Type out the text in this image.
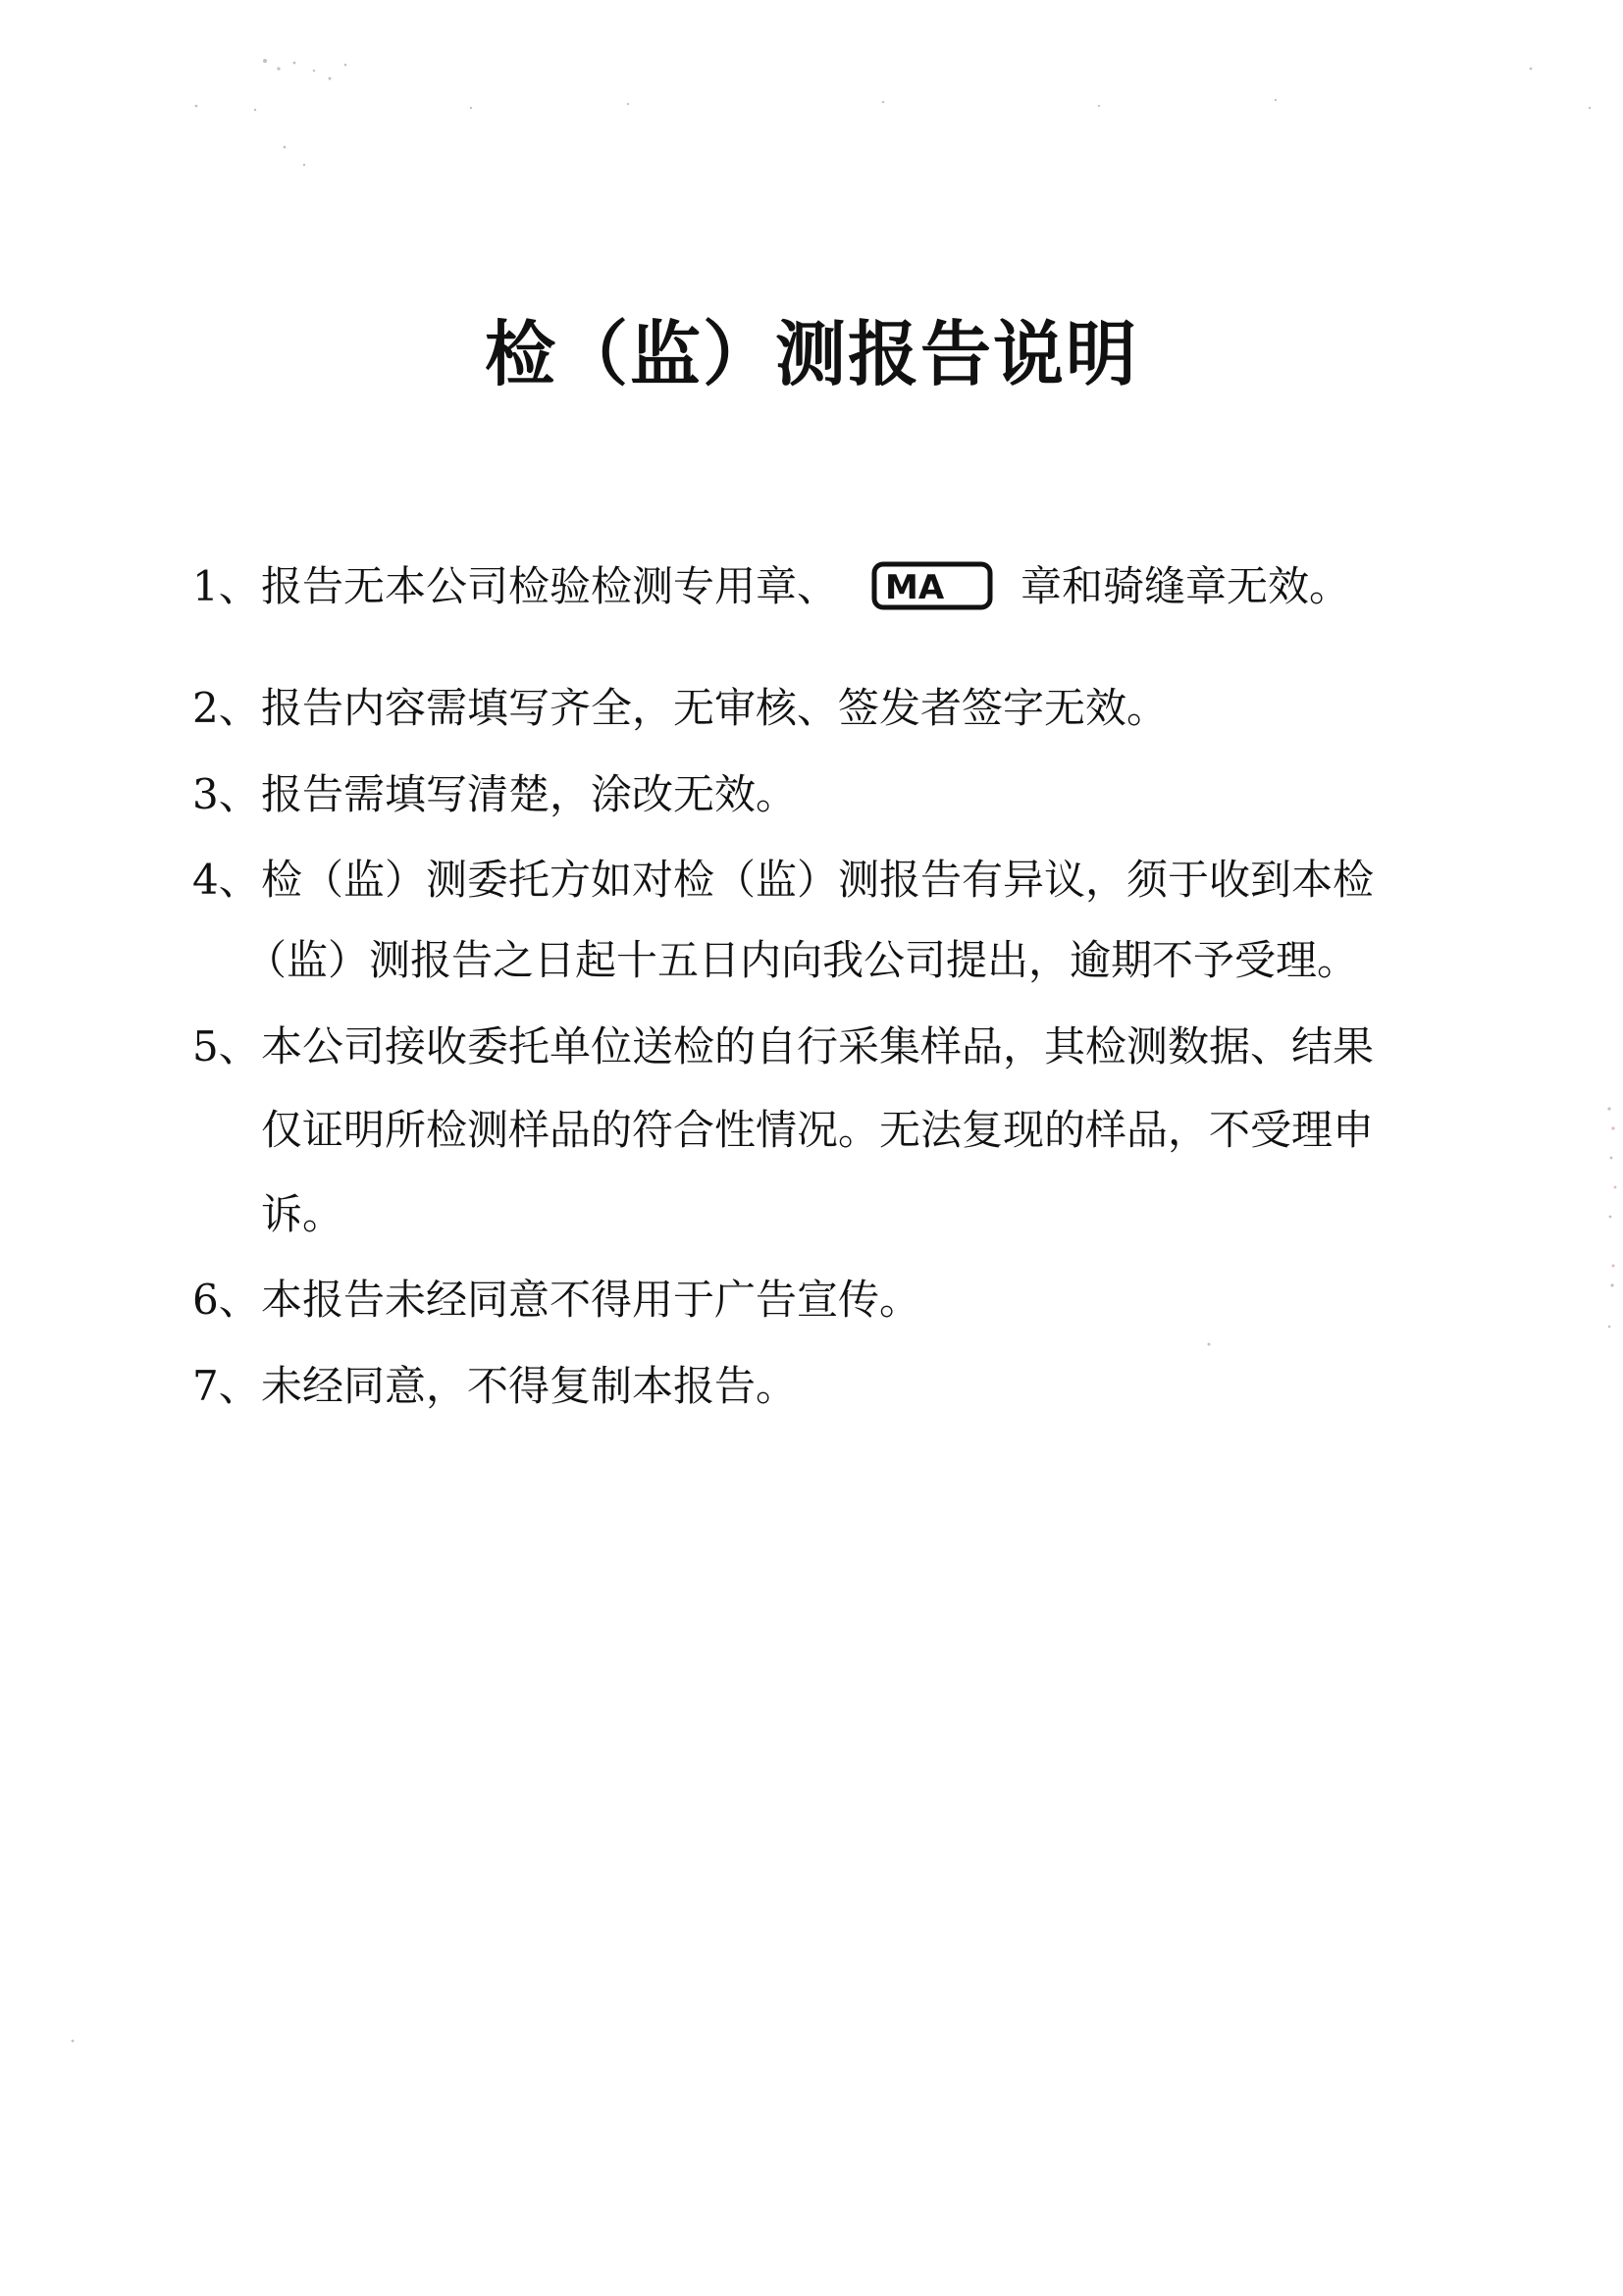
检（监）测报告说明
1、报告无本公司检验检测专用章、 MA 章和骑缝章无效。
2、报告内容需填写齐全，无审核、签发者签字无效。
3、报告需填写清楚，涂改无效。
4、检（监）测委托方如对检（监）测报告有异议，须于收到本检
（监）测报告之日起十五日内向我公司提出，逾期不予受理。
5、本公司接收委托单位送检的自行采集样品，其检测数据、结果
仅证明所检测样品的符合性情况。无法复现的样品，不受理申
诉。
6、本报告未经同意不得用于广告宣传。
7、未经同意，不得复制本报告。
